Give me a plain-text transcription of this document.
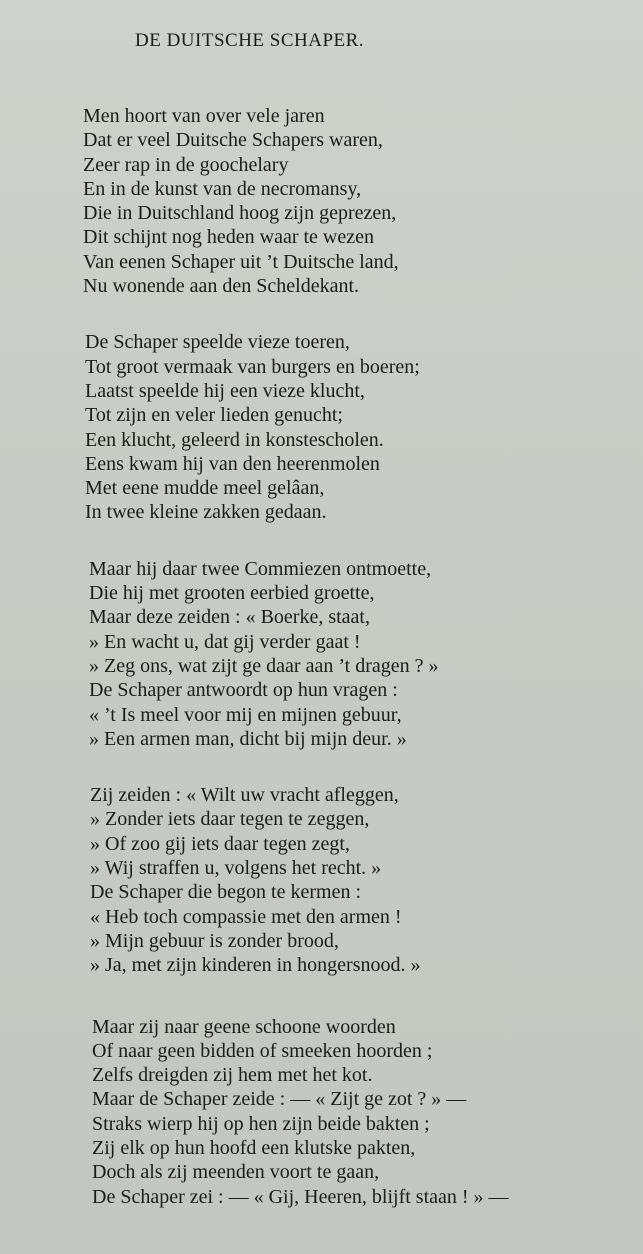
DE DUITSCHE SCHAPER.
Men hoort van over vele jaren
Dat er veel Duitsche Schapers waren,
Zeer rap in de goochelary
En in de kunst van de necromansy,
Die in Duitschland hoog zijn geprezen,
Dit schijnt nog heden waar te wezen
Van eenen Schaper uit ’t Duitsche land,
Nu wonende aan den Scheldekant.
De Schaper speelde vieze toeren,
Tot groot vermaak van burgers en boeren;
Laatst speelde hij een vieze klucht,
Tot zijn en veler lieden genucht;
Een klucht, geleerd in konstescholen.
Eens kwam hij van den heerenmolen
Met eene mudde meel gelâan,
In twee kleine zakken gedaan.
Maar hij daar twee Commiezen ontmoette,
Die hij met grooten eerbied groette,
Maar deze zeiden : « Boerke, staat,
» En wacht u, dat gij verder gaat !
» Zeg ons, wat zijt ge daar aan ’t dragen ? »
De Schaper antwoordt op hun vragen :
« ’t Is meel voor mij en mijnen gebuur,
» Een armen man, dicht bij mijn deur. »
Zij zeiden : « Wilt uw vracht afleggen,
» Zonder iets daar tegen te zeggen,
» Of zoo gij iets daar tegen zegt,
» Wij straffen u, volgens het recht. »
De Schaper die begon te kermen :
« Heb toch compassie met den armen !
» Mijn gebuur is zonder brood,
» Ja, met zijn kinderen in hongersnood. »
Maar zij naar geene schoone woorden
Of naar geen bidden of smeeken hoorden ;
Zelfs dreigden zij hem met het kot.
Maar de Schaper zeide : — « Zijt ge zot ? » —
Straks wierp hij op hen zijn beide bakten ;
Zij elk op hun hoofd een klutske pakten,
Doch als zij meenden voort te gaan,
De Schaper zei : — « Gij, Heeren, blijft staan ! » —
